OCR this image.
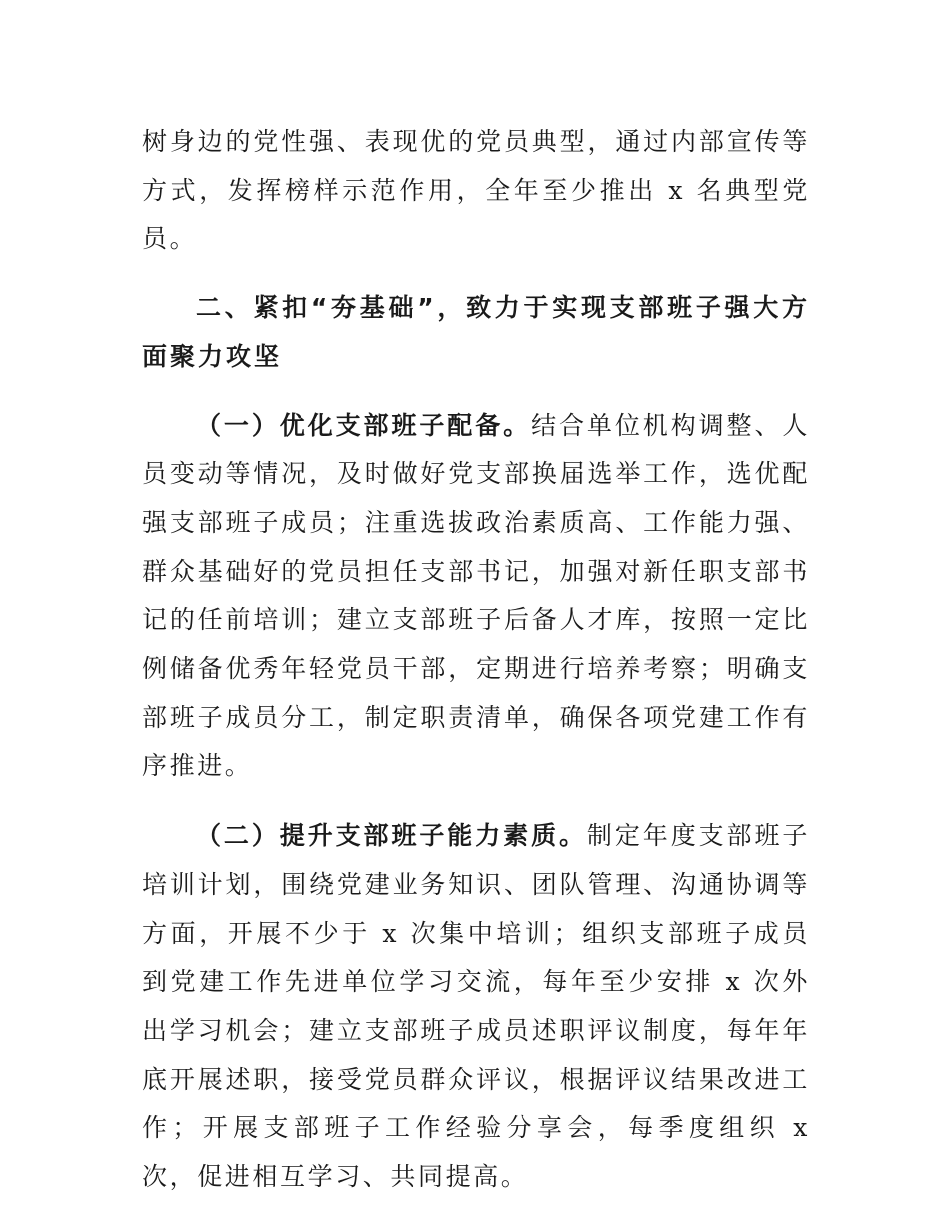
树身边的党性强、表现优的党员典型，通过内部宣传等方式，发挥榜样示范作用，全年至少推出 x 名典型党员。

二、紧扣“夯基础”，致力于实现支部班子强大方面聚力攻坚

（一）优化支部班子配备。结合单位机构调整、人员变动等情况，及时做好党支部换届选举工作，选优配强支部班子成员；注重选拔政治素质高、工作能力强、群众基础好的党员担任支部书记，加强对新任职支部书记的任前培训；建立支部班子后备人才库，按照一定比例储备优秀年轻党员干部，定期进行培养考察；明确支部班子成员分工，制定职责清单，确保各项党建工作有序推进。

（二）提升支部班子能力素质。制定年度支部班子培训计划，围绕党建业务知识、团队管理、沟通协调等方面，开展不少于 x 次集中培训；组织支部班子成员到党建工作先进单位学习交流，每年至少安排 x 次外出学习机会；建立支部班子成员述职评议制度，每年年底开展述职，接受党员群众评议，根据评议结果改进工作；开展支部班子工作经验分享会，每季度组织 x 次，促进相互学习、共同提高。
